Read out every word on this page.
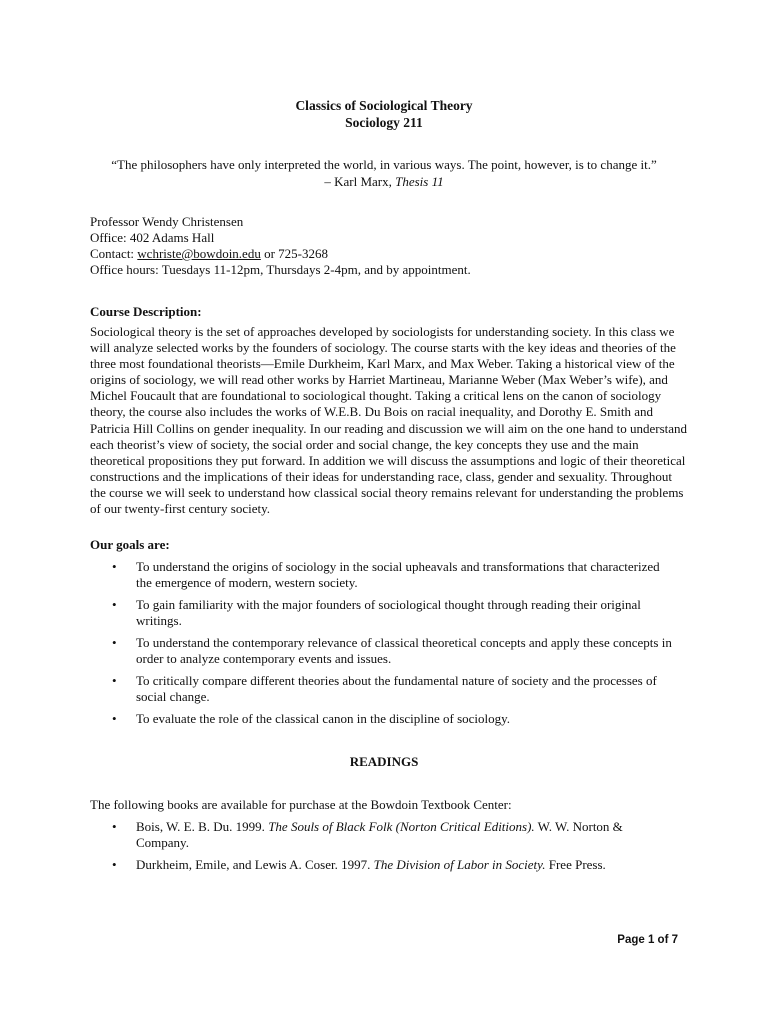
Classics of Sociological Theory
Sociology 211
“The philosophers have only interpreted the world, in various ways. The point, however, is to change it.”
– Karl Marx, Thesis 11
Professor Wendy Christensen
Office: 402 Adams Hall
Contact: wchriste@bowdoin.edu or 725-3268
Office hours: Tuesdays 11-12pm, Thursdays 2-4pm, and by appointment.
Course Description:

Sociological theory is the set of approaches developed by sociologists for understanding society. In this class we will analyze selected works by the founders of sociology. The course starts with the key ideas and theories of the three most foundational theorists—Emile Durkheim, Karl Marx, and Max Weber. Taking a historical view of the origins of sociology, we will read other works by Harriet Martineau, Marianne Weber (Max Weber’s wife), and Michel Foucault that are foundational to sociological thought. Taking a critical lens on the canon of sociology theory, the course also includes the works of W.E.B. Du Bois on racial inequality, and Dorothy E. Smith and Patricia Hill Collins on gender inequality. In our reading and discussion we will aim on the one hand to understand each theorist’s view of society, the social order and social change, the key concepts they use and the main theoretical propositions they put forward. In addition we will discuss the assumptions and logic of their theoretical constructions and the implications of their ideas for understanding race, class, gender and sexuality. Throughout the course we will seek to understand how classical social theory remains relevant for understanding the problems of our twenty-first century society.

Our goals are:
• To understand the origins of sociology in the social upheavals and transformations that characterized the emergence of modern, western society.
• To gain familiarity with the major founders of sociological thought through reading their original writings.
• To understand the contemporary relevance of classical theoretical concepts and apply these concepts in order to analyze contemporary events and issues.
• To critically compare different theories about the fundamental nature of society and the processes of social change.
• To evaluate the role of the classical canon in the discipline of sociology.
READINGS
The following books are available for purchase at the Bowdoin Textbook Center:
• Bois, W. E. B. Du. 1999. The Souls of Black Folk (Norton Critical Editions). W. W. Norton & Company.
• Durkheim, Emile, and Lewis A. Coser. 1997. The Division of Labor in Society. Free Press.
Page 1 of 7
